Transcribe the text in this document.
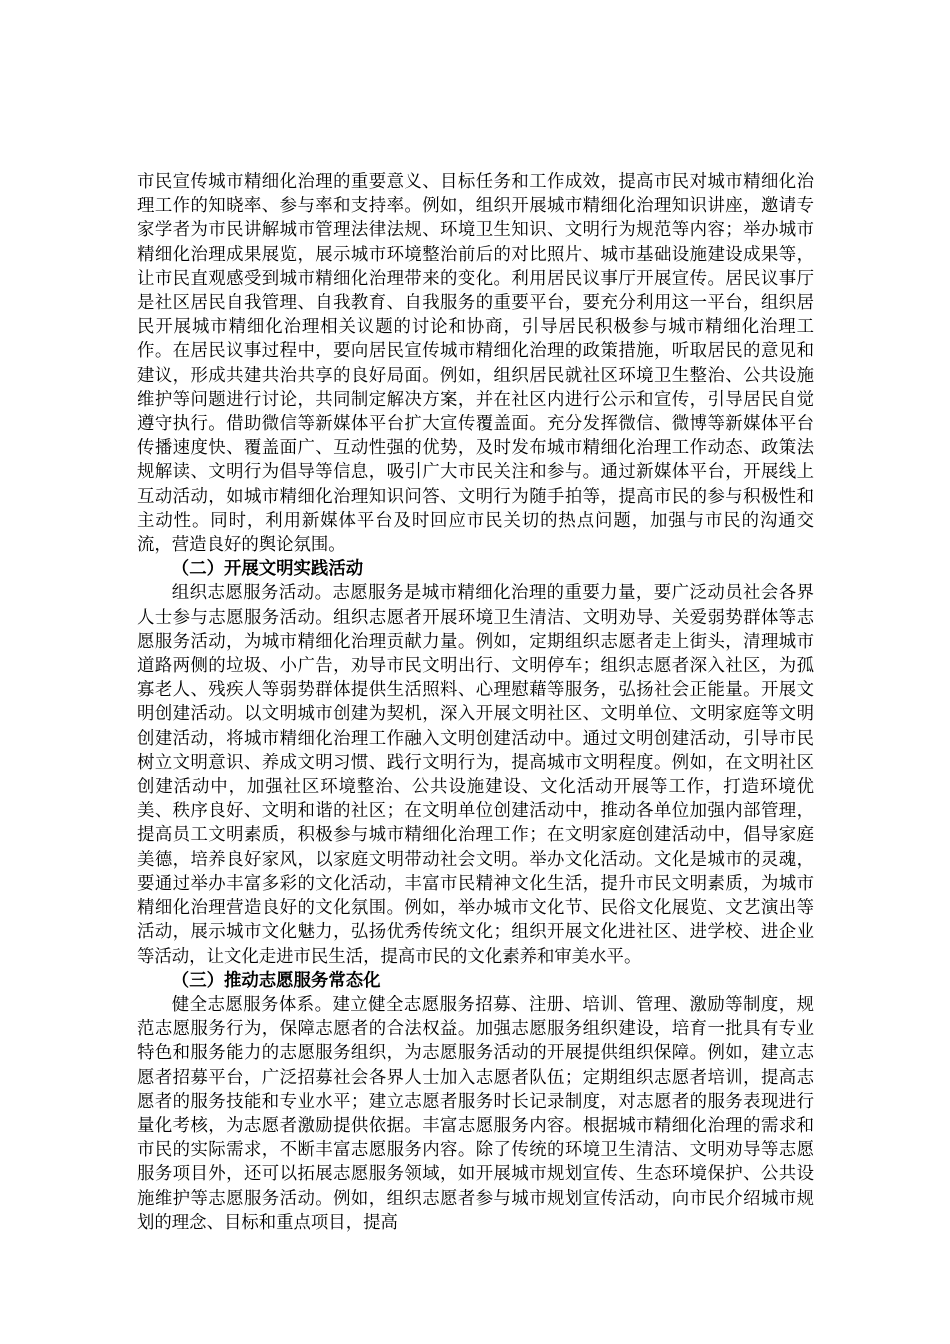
市民宣传城市精细化治理的重要意义、目标任务和工作成效，提高市民对城市精细化治理工作的知晓率、参与率和支持率。例如，组织开展城市精细化治理知识讲座，邀请专家学者为市民讲解城市管理法律法规、环境卫生知识、文明行为规范等内容；举办城市精细化治理成果展览，展示城市环境整治前后的对比照片、城市基础设施建设成果等，让市民直观感受到城市精细化治理带来的变化。利用居民议事厅开展宣传。居民议事厅是社区居民自我管理、自我教育、自我服务的重要平台，要充分利用这一平台，组织居民开展城市精细化治理相关议题的讨论和协商，引导居民积极参与城市精细化治理工作。在居民议事过程中，要向居民宣传城市精细化治理的政策措施，听取居民的意见和建议，形成共建共治共享的良好局面。例如，组织居民就社区环境卫生整治、公共设施维护等问题进行讨论，共同制定解决方案，并在社区内进行公示和宣传，引导居民自觉遵守执行。借助微信等新媒体平台扩大宣传覆盖面。充分发挥微信、微博等新媒体平台传播速度快、覆盖面广、互动性强的优势，及时发布城市精细化治理工作动态、政策法规解读、文明行为倡导等信息，吸引广大市民关注和参与。通过新媒体平台，开展线上互动活动，如城市精细化治理知识问答、文明行为随手拍等，提高市民的参与积极性和主动性。同时，利用新媒体平台及时回应市民关切的热点问题，加强与市民的沟通交流，营造良好的舆论氛围。

（二）开展文明实践活动

组织志愿服务活动。志愿服务是城市精细化治理的重要力量，要广泛动员社会各界人士参与志愿服务活动。组织志愿者开展环境卫生清洁、文明劝导、关爱弱势群体等志愿服务活动，为城市精细化治理贡献力量。例如，定期组织志愿者走上街头，清理城市道路两侧的垃圾、小广告，劝导市民文明出行、文明停车；组织志愿者深入社区，为孤寡老人、残疾人等弱势群体提供生活照料、心理慰藉等服务，弘扬社会正能量。开展文明创建活动。以文明城市创建为契机，深入开展文明社区、文明单位、文明家庭等文明创建活动，将城市精细化治理工作融入文明创建活动中。通过文明创建活动，引导市民树立文明意识、养成文明习惯、践行文明行为，提高城市文明程度。例如，在文明社区创建活动中，加强社区环境整治、公共设施建设、文化活动开展等工作，打造环境优美、秩序良好、文明和谐的社区；在文明单位创建活动中，推动各单位加强内部管理，提高员工文明素质，积极参与城市精细化治理工作；在文明家庭创建活动中，倡导家庭美德，培养良好家风，以家庭文明带动社会文明。举办文化活动。文化是城市的灵魂，要通过举办丰富多彩的文化活动，丰富市民精神文化生活，提升市民文明素质，为城市精细化治理营造良好的文化氛围。例如，举办城市文化节、民俗文化展览、文艺演出等活动，展示城市文化魅力，弘扬优秀传统文化；组织开展文化进社区、进学校、进企业等活动，让文化走进市民生活，提高市民的文化素养和审美水平。

（三）推动志愿服务常态化

健全志愿服务体系。建立健全志愿服务招募、注册、培训、管理、激励等制度，规范志愿服务行为，保障志愿者的合法权益。加强志愿服务组织建设，培育一批具有专业特色和服务能力的志愿服务组织，为志愿服务活动的开展提供组织保障。例如，建立志愿者招募平台，广泛招募社会各界人士加入志愿者队伍；定期组织志愿者培训，提高志愿者的服务技能和专业水平；建立志愿者服务时长记录制度，对志愿者的服务表现进行量化考核，为志愿者激励提供依据。丰富志愿服务内容。根据城市精细化治理的需求和市民的实际需求，不断丰富志愿服务内容。除了传统的环境卫生清洁、文明劝导等志愿服务项目外，还可以拓展志愿服务领域，如开展城市规划宣传、生态环境保护、公共设施维护等志愿服务活动。例如，组织志愿者参与城市规划宣传活动，向市民介绍城市规划的理念、目标和重点项目，提高
